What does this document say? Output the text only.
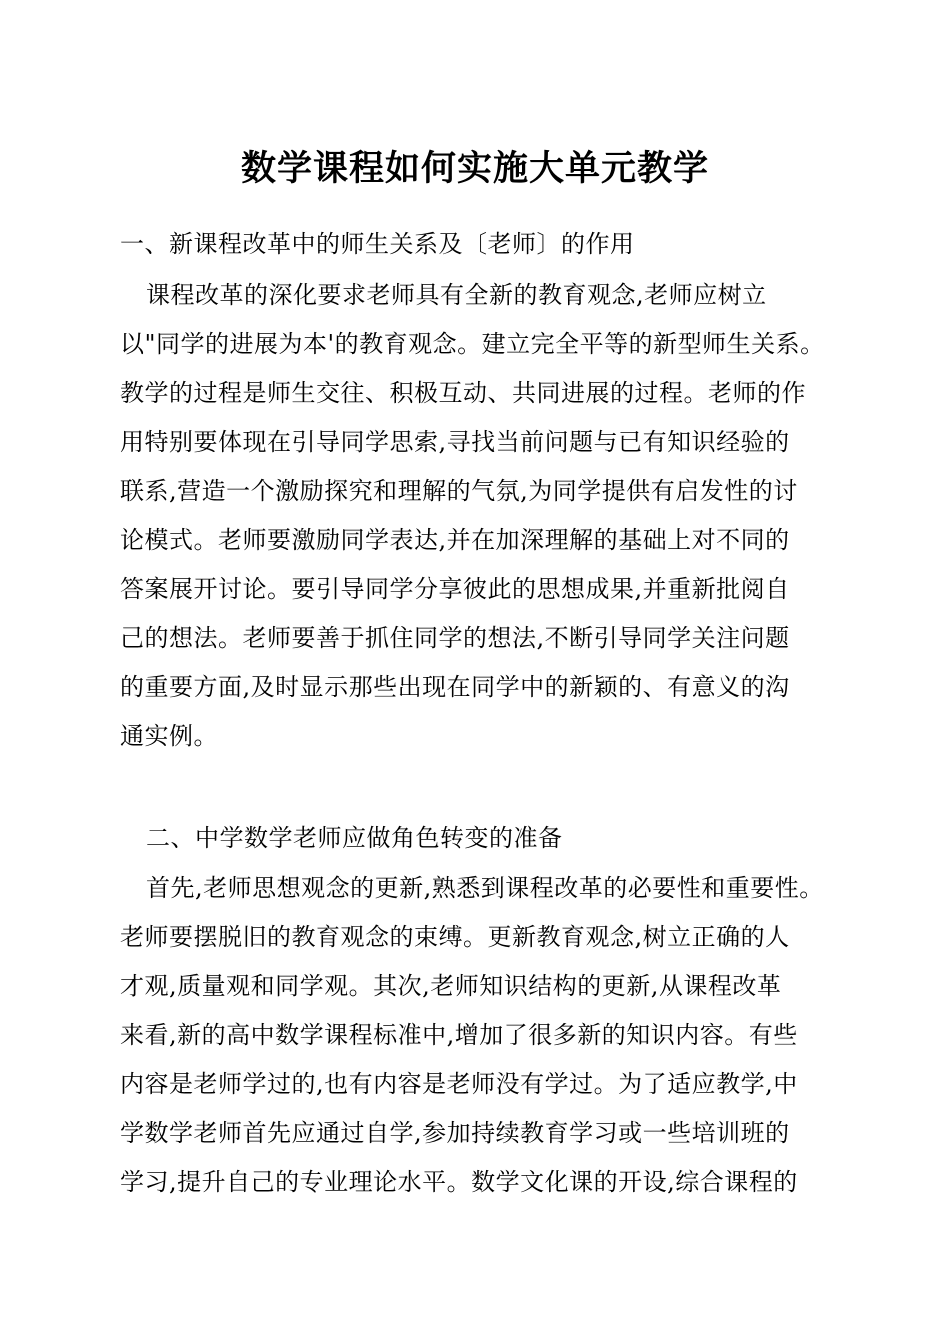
数学课程如何实施大单元教学
一、新课程改革中的师生关系及〔老师〕的作用
课程改革的深化要求老师具有全新的教育观念,老师应树立
以"同学的进展为本'的教育观念。建立完全平等的新型师生关系。
教学的过程是师生交往、积极互动、共同进展的过程。老师的作
用特别要体现在引导同学思索,寻找当前问题与已有知识经验的
联系,营造一个激励探究和理解的气氛,为同学提供有启发性的讨
论模式。老师要激励同学表达,并在加深理解的基础上对不同的
答案展开讨论。要引导同学分享彼此的思想成果,并重新批阅自
己的想法。老师要善于抓住同学的想法,不断引导同学关注问题
的重要方面,及时显示那些出现在同学中的新颖的、有意义的沟
通实例。
二、中学数学老师应做角色转变的准备
首先,老师思想观念的更新,熟悉到课程改革的必要性和重要性。
老师要摆脱旧的教育观念的束缚。更新教育观念,树立正确的人
才观,质量观和同学观。其次,老师知识结构的更新,从课程改革
来看,新的高中数学课程标准中,增加了很多新的知识内容。有些
内容是老师学过的,也有内容是老师没有学过。为了适应教学,中
学数学老师首先应通过自学,参加持续教育学习或一些培训班的
学习,提升自己的专业理论水平。数学文化课的开设,综合课程的
